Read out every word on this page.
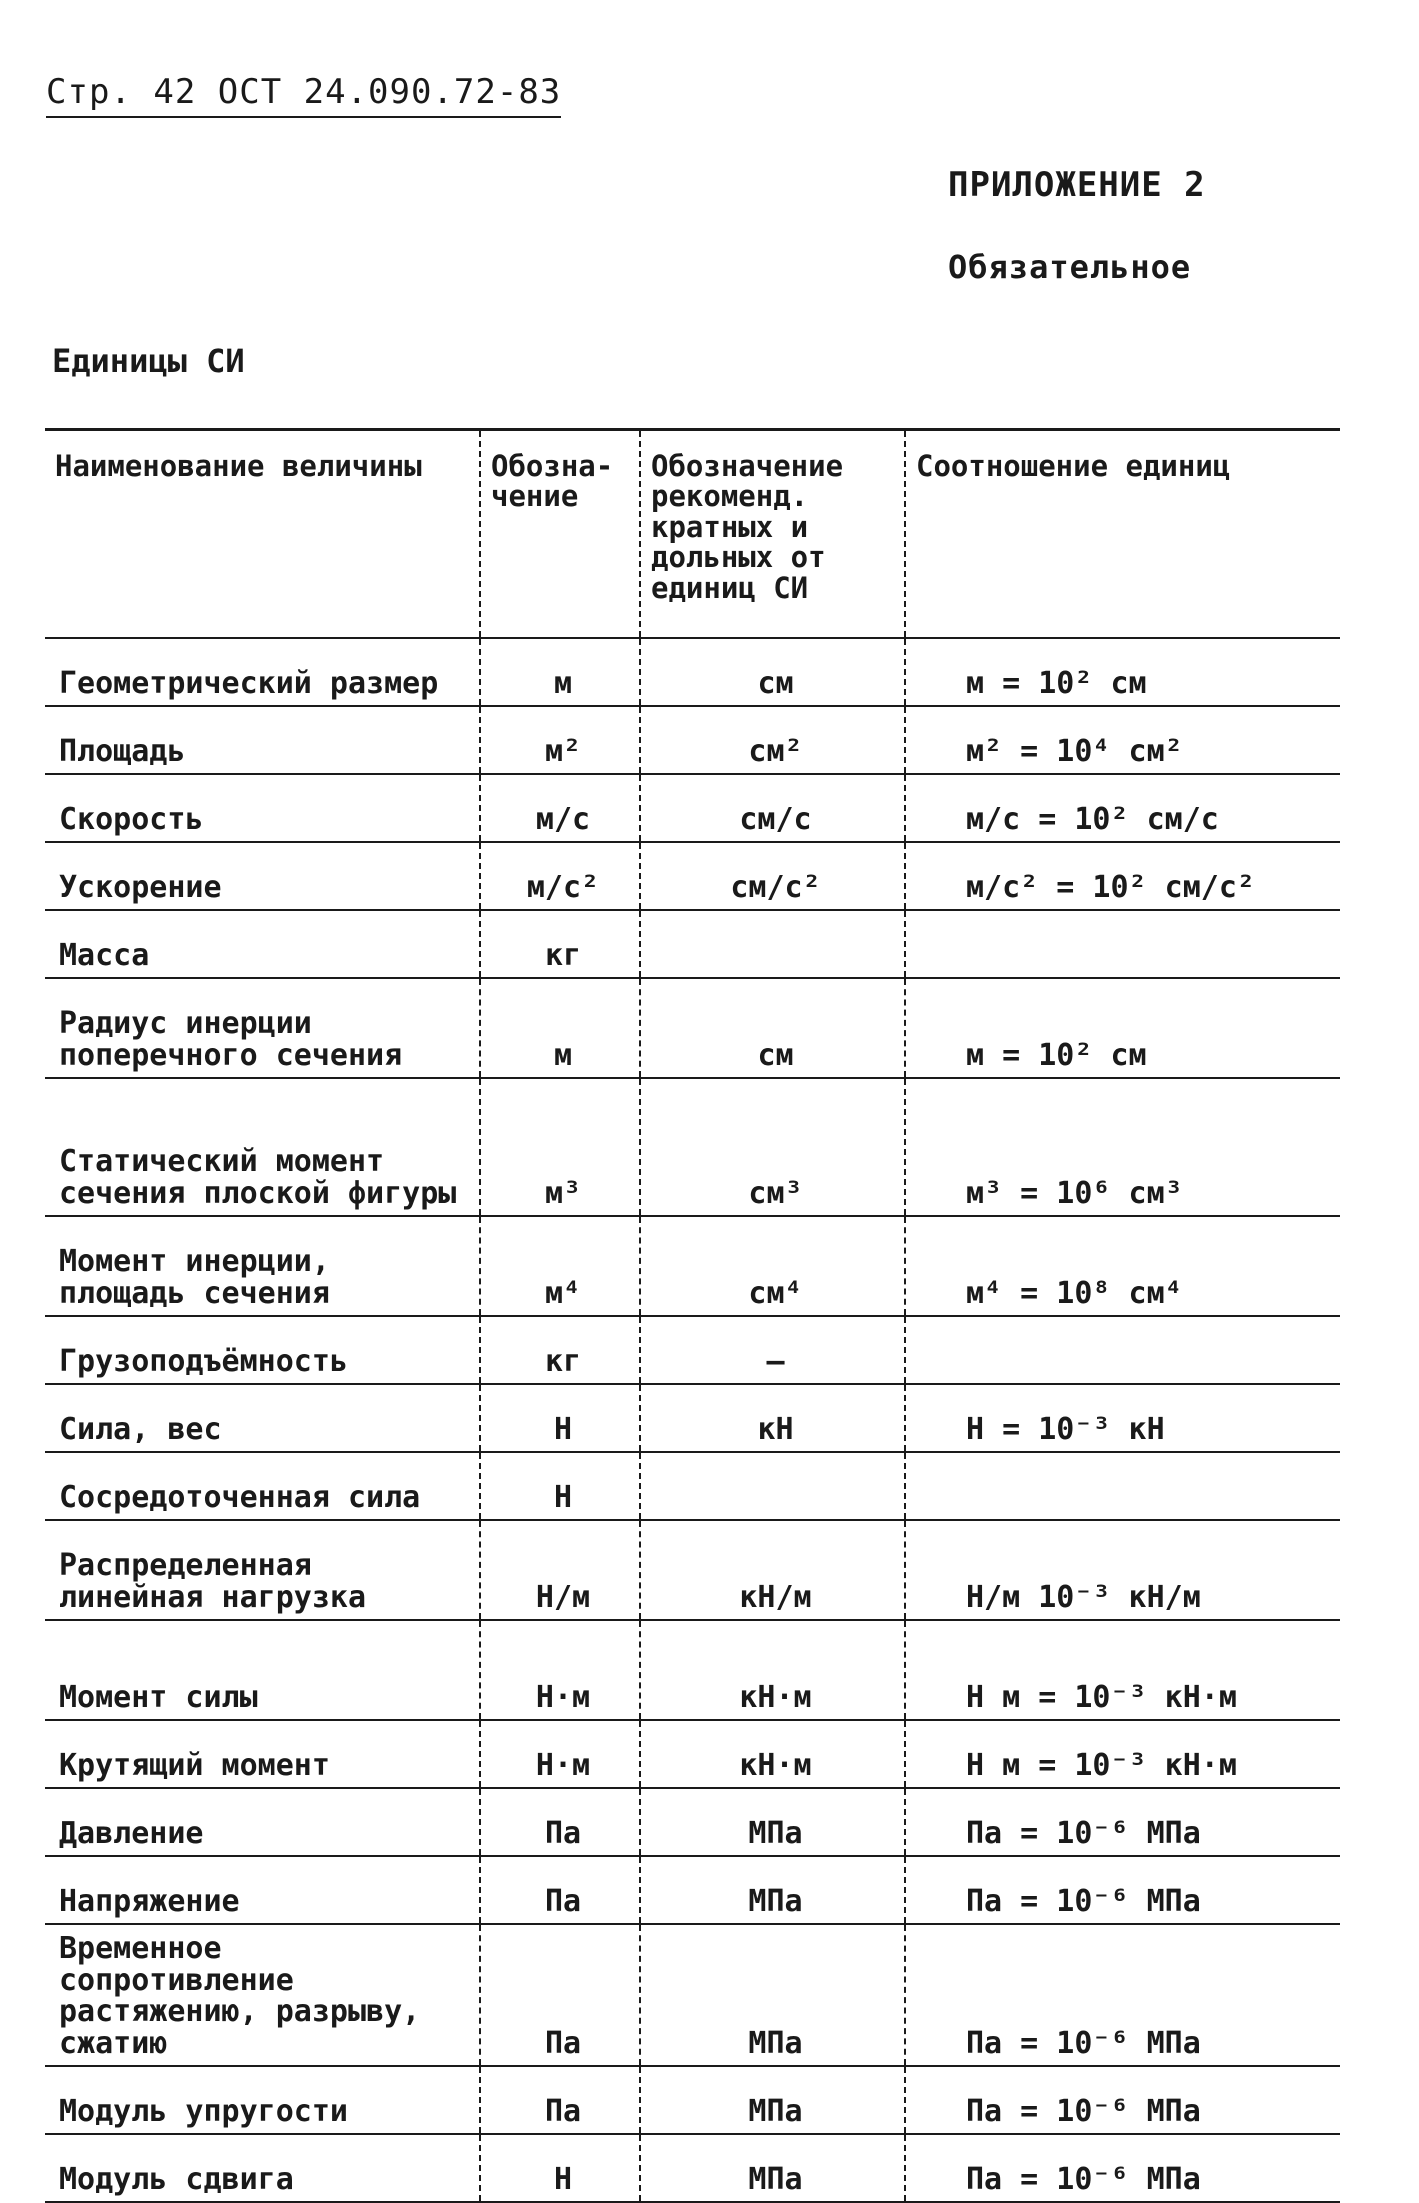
Стр. 42 ОСТ 24.090.72-83
ПРИЛОЖЕНИЕ 2
Обязательное
Единицы СИ
Наименование величины	Обозна-чение	Обозначение рекоменд. кратных и дольных от единиц СИ	Соотношение единиц
Геометрический размер	м	см	м = 10² см
Площадь	м²	см²	м² = 10⁴ см²
Скорость	м/с	см/с	м/с = 10² см/с
Ускорение	м/с²	см/с²	м/с² = 10² см/с²
Масса	кг		
Радиус инерции поперечного сечения	м	см	м = 10² см
Статический момент сечения плоской фигуры	м³	см³	м³ = 10⁶ см³
Момент инерции, площадь сечения	м⁴	см⁴	м⁴ = 10⁸ см⁴
Грузоподъёмность	кг	–	
Сила, вес	Н	кН	Н = 10⁻³ кН
Сосредоточенная сила	Н		
Распределенная линейная нагрузка	Н/м	кН/м	Н/м 10⁻³ кН/м
Момент силы	Н·м	кН·м	Н м = 10⁻³ кН·м
Крутящий момент	Н·м	кН·м	Н м = 10⁻³ кН·м
Давление	Па	МПа	Па = 10⁻⁶ МПа
Напряжение	Па	МПа	Па = 10⁻⁶ МПа
Временное сопротивление растяжению, разрыву, сжатию	Па	МПа	Па = 10⁻⁶ МПа
Модуль упругости	Па	МПа	Па = 10⁻⁶ МПа
Модуль сдвига	Н	МПа	Па = 10⁻⁶ МПа
